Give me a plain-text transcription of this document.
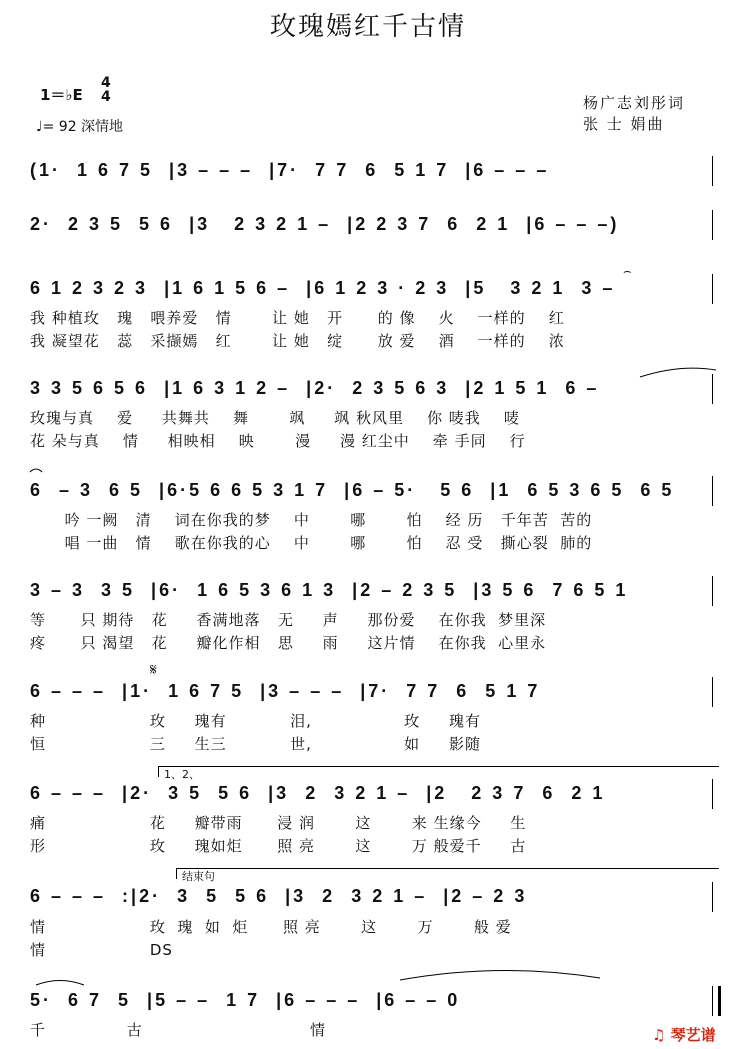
玫瑰嫣红千古情
1＝♭E
4
4
♩= 92 深情地
杨广志刘彤词
张 士 娟曲
(1·  1 6 7 5  |3 – – –  |7·  7 7  6  5 1 7  |6 – – –
2·  2 3 5  5 6  |3   2 3 2 1 –  |2 2 3 7  6  2 1  |6 – – –)
6 1 2 3 2 3  |1 6 1 5 6 –  |6 1 2 3 · 2 3  |5   3 2 1  3 –
我 种植玫   瑰   喂养爱   情       让 她   开      的 像    火    一样的    红
我 凝望花   蕊   采撷嫣   红       让 她   绽      放 爱    酒    一样的    浓
3 3 5 6 5 6  |1 6 3 1 2 –  |2·  2 3 5 6 3  |2 1 5 1  6 –
玫瑰与真    爱     共舞共    舞       飒     飒 秋风里    你 唛我    唛
花 朵与真    情     相映相    映       漫     漫 红尘中    牵 手同    行
6  – 3  6 5  |6·5 6 6 5 3 1 7  |6 – 5·   5 6  |1  6 5 3 6 5  6 5
吟 一阙   清    词在你我的梦    中       哪       怕    经 历   千年苦  苦的
唱 一曲   情    歌在你我的心    中       哪       怕    忍 受   撕心裂  肺的
3 – 3  3 5  |6·  1 6 5 3 6 1 3  |2 – 2 3 5  |3 5 6  7 6 5 1
等      只 期待   花     香满地落   无     声     那份爱    在你我  梦里深
疼      只 渴望   花     瓣化作相   思     雨     这片情    在你我  心里永
6 – – –  |1·  1 6 7 5  |3 – – –  |7·  7 7  6  5 1 7
种                  玫     瑰有           泪,                玫     瑰有
恒                  三     生三           世,                如     影随
6 – – –  |2·  3 5  5 6  |3  2  3 2 1 –  |2   2 3 7  6  2 1
痛                  花     瓣带雨      浸 润       这       来 生缘今     生
形                  玫     瑰如炬      照 亮       这       万 般爱千     古
6 – – –  :|2·  3  5  5 6  |3  2  3 2 1 –  |2 – 2 3
情                  玫  瑰  如  炬      照 亮       这       万       般 爱
情                  DS
5·  6 7  5  |5 – –  1 7  |6 – – –  |6 – – 0
千              古                             情
𝄋
1、2、
结束句
⌢
♫ 琴艺谱
